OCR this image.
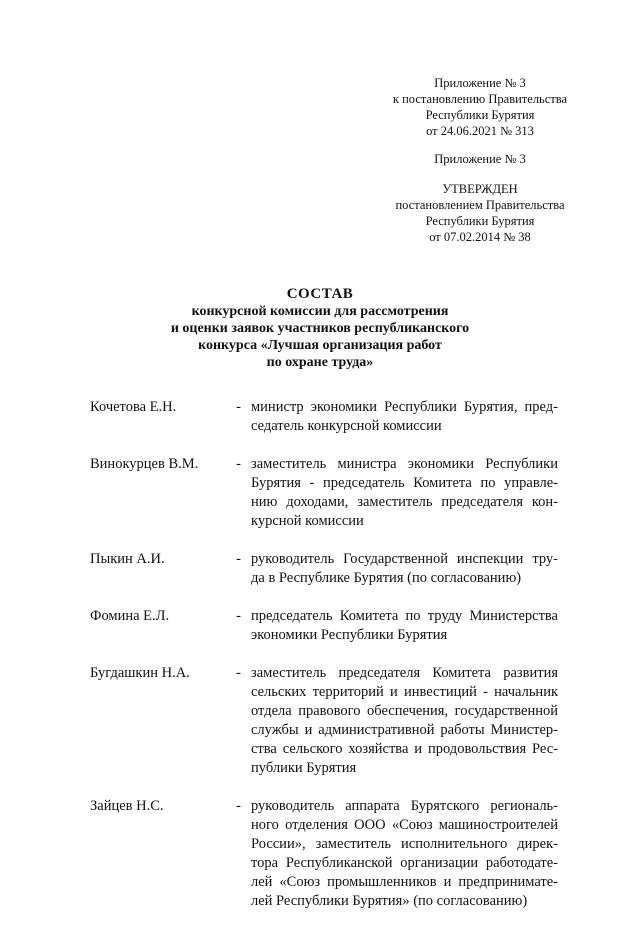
Приложение № 3
к постановлению Правительства
Республики Бурятия
от 24.06.2021 № 313
Приложение № 3
УТВЕРЖДЕН
постановлением Правительства
Республики Бурятия
от 07.02.2014 № 38
СОСТАВ
конкурсной комиссии для рассмотрения
и оценки заявок участников республиканского
конкурса «Лучшая организация работ
по охране труда»
Кочетова Е.Н.	- министр экономики Республики Бурятия, пред-
седатель конкурсной комиссии
Винокурцев В.М.	- заместитель министра экономики Республики
Бурятия - председатель Комитета по управле-
нию доходами, заместитель председателя кон-
курсной комиссии
Пыкин А.И.	- руководитель Государственной инспекции тру-
да в Республике Бурятия (по согласованию)
Фомина Е.Л.	- председатель Комитета по труду Министерства
экономики Республики Бурятия
Бугдашкин Н.А.	- заместитель председателя Комитета развития
сельских территорий и инвестиций - начальник
отдела правового обеспечения, государственной
службы и административной работы Министер-
ства сельского хозяйства и продовольствия Рес-
публики Бурятия
Зайцев Н.С.	- руководитель аппарата Бурятского региональ-
ного отделения ООО «Союз машиностроителей
России», заместитель исполнительного дирек-
тора Республиканской организации работодате-
лей «Союз промышленников и предпринимате-
лей Республики Бурятия» (по согласованию)
